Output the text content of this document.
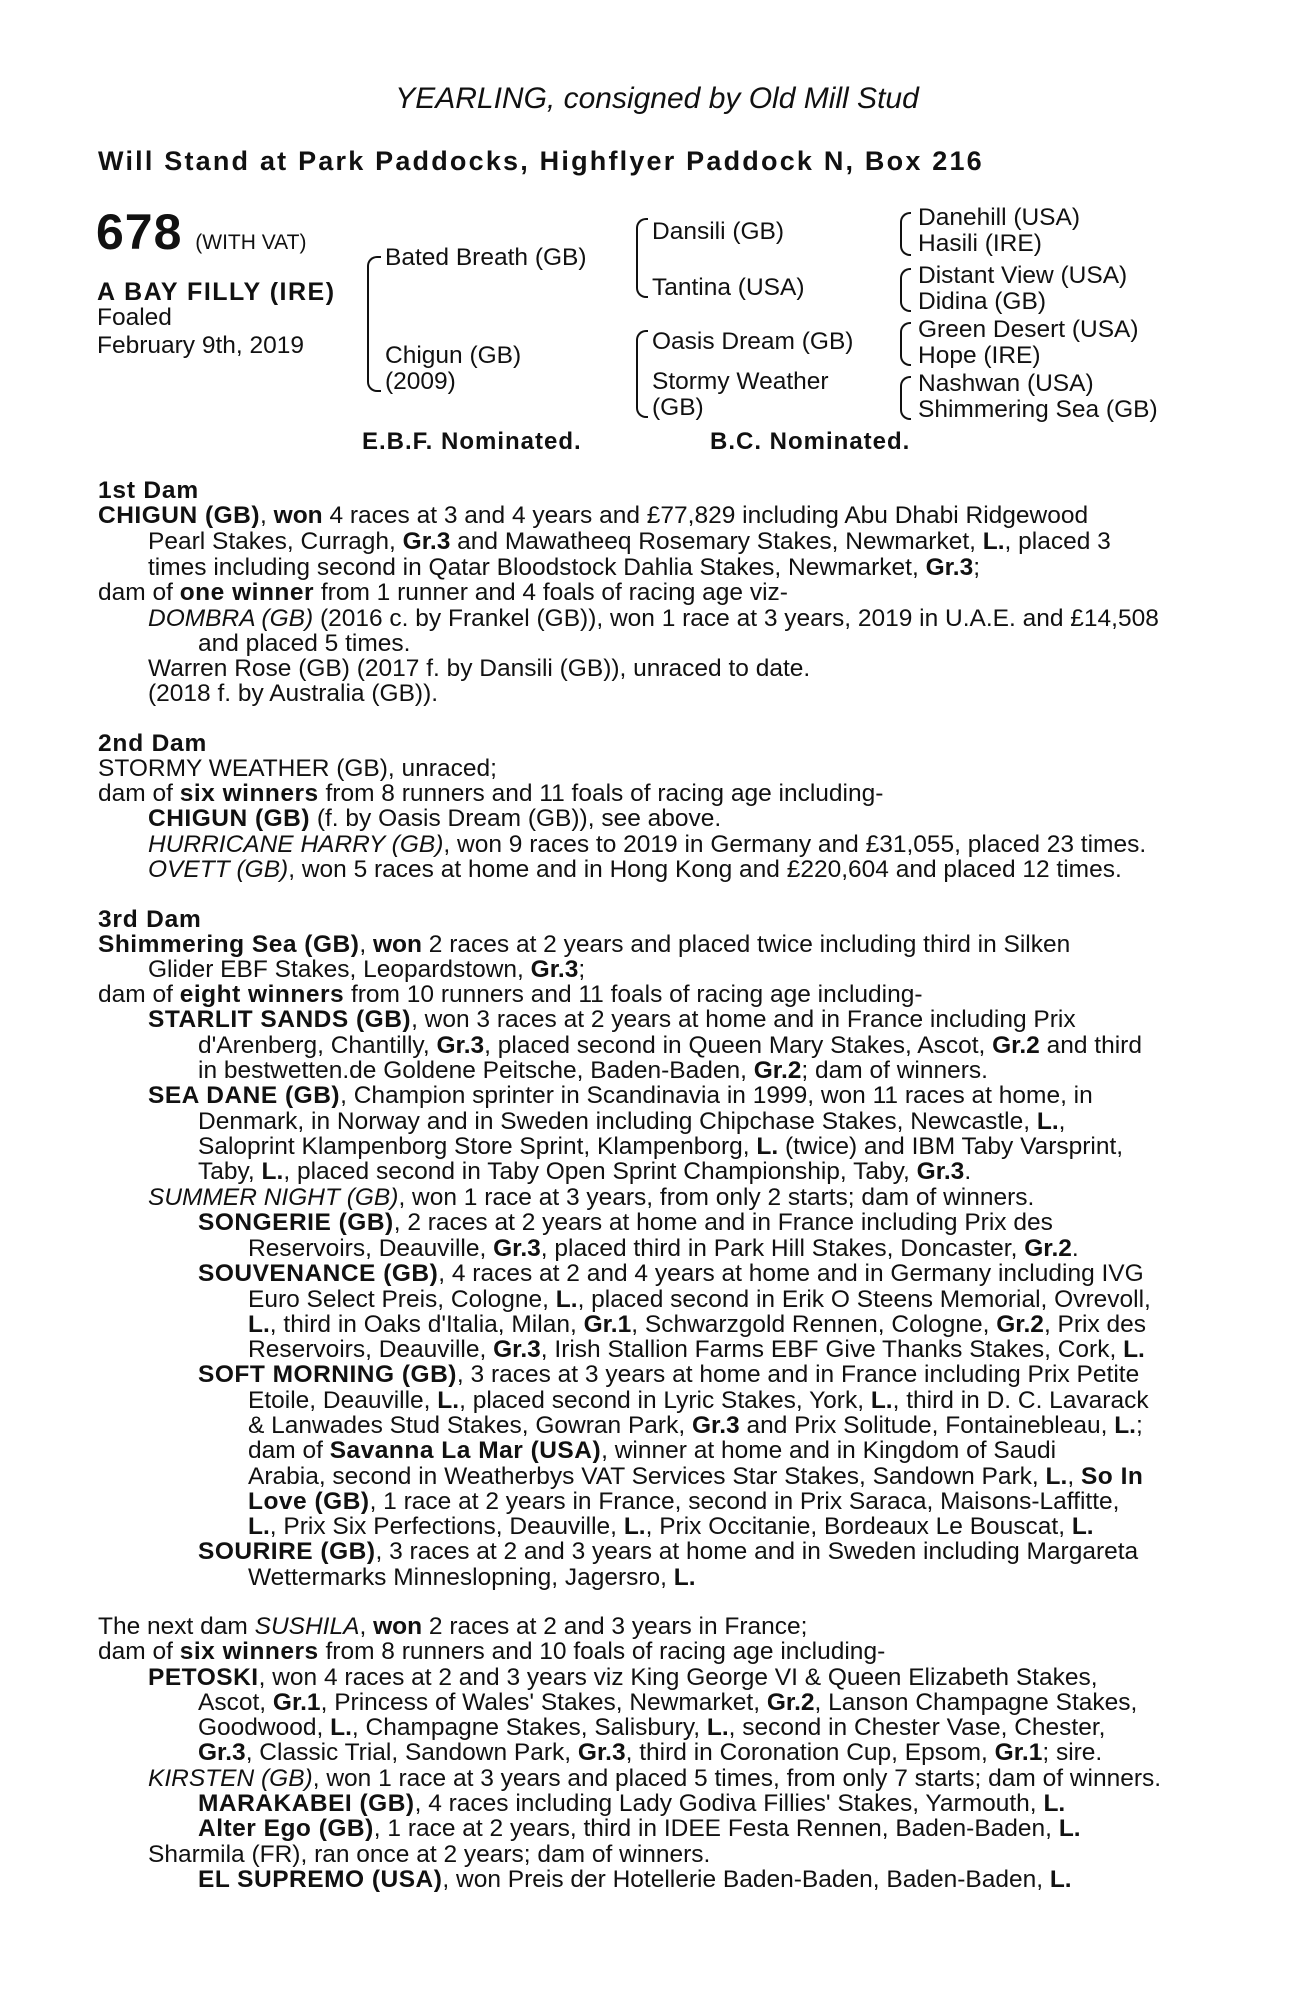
YEARLING, consigned by Old Mill Stud
Will Stand at Park Paddocks, Highflyer Paddock N, Box 216
678 (WITH VAT)
A BAY FILLY (IRE)
Foaled
February 9th, 2019
Bated Breath (GB)
Chigun (GB)
(2009)
Dansili (GB)
Tantina (USA)
Oasis Dream (GB)
Stormy Weather
(GB)
Danehill (USA)
Hasili (IRE)
Distant View (USA)
Didina (GB)
Green Desert (USA)
Hope (IRE)
Nashwan (USA)
Shimmering Sea (GB)
E.B.F. Nominated.	B.C. Nominated.
1st Dam
CHIGUN (GB), won 4 races at 3 and 4 years and £77,829 including Abu Dhabi Ridgewood
Pearl Stakes, Curragh, Gr.3 and Mawatheeq Rosemary Stakes, Newmarket, L., placed 3
times including second in Qatar Bloodstock Dahlia Stakes, Newmarket, Gr.3;
dam of one winner from 1 runner and 4 foals of racing age viz-
DOMBRA (GB) (2016 c. by Frankel (GB)), won 1 race at 3 years, 2019 in U.A.E. and £14,508
and placed 5 times.
Warren Rose (GB) (2017 f. by Dansili (GB)), unraced to date.
(2018 f. by Australia (GB)).
2nd Dam
STORMY WEATHER (GB), unraced;
dam of six winners from 8 runners and 11 foals of racing age including-
CHIGUN (GB) (f. by Oasis Dream (GB)), see above.
HURRICANE HARRY (GB), won 9 races to 2019 in Germany and £31,055, placed 23 times.
OVETT (GB), won 5 races at home and in Hong Kong and £220,604 and placed 12 times.
3rd Dam
Shimmering Sea (GB), won 2 races at 2 years and placed twice including third in Silken
Glider EBF Stakes, Leopardstown, Gr.3;
dam of eight winners from 10 runners and 11 foals of racing age including-
STARLIT SANDS (GB), won 3 races at 2 years at home and in France including Prix
d'Arenberg, Chantilly, Gr.3, placed second in Queen Mary Stakes, Ascot, Gr.2 and third
in bestwetten.de Goldene Peitsche, Baden-Baden, Gr.2; dam of winners.
SEA DANE (GB), Champion sprinter in Scandinavia in 1999, won 11 races at home, in
Denmark, in Norway and in Sweden including Chipchase Stakes, Newcastle, L.,
Saloprint Klampenborg Store Sprint, Klampenborg, L. (twice) and IBM Taby Varsprint,
Taby, L., placed second in Taby Open Sprint Championship, Taby, Gr.3.
SUMMER NIGHT (GB), won 1 race at 3 years, from only 2 starts; dam of winners.
SONGERIE (GB), 2 races at 2 years at home and in France including Prix des
Reservoirs, Deauville, Gr.3, placed third in Park Hill Stakes, Doncaster, Gr.2.
SOUVENANCE (GB), 4 races at 2 and 4 years at home and in Germany including IVG
Euro Select Preis, Cologne, L., placed second in Erik O Steens Memorial, Ovrevoll,
L., third in Oaks d'Italia, Milan, Gr.1, Schwarzgold Rennen, Cologne, Gr.2, Prix des
Reservoirs, Deauville, Gr.3, Irish Stallion Farms EBF Give Thanks Stakes, Cork, L.
SOFT MORNING (GB), 3 races at 3 years at home and in France including Prix Petite
Etoile, Deauville, L., placed second in Lyric Stakes, York, L., third in D. C. Lavarack
& Lanwades Stud Stakes, Gowran Park, Gr.3 and Prix Solitude, Fontainebleau, L.;
dam of Savanna La Mar (USA), winner at home and in Kingdom of Saudi
Arabia, second in Weatherbys VAT Services Star Stakes, Sandown Park, L., So In
Love (GB), 1 race at 2 years in France, second in Prix Saraca, Maisons-Laffitte,
L., Prix Six Perfections, Deauville, L., Prix Occitanie, Bordeaux Le Bouscat, L.
SOURIRE (GB), 3 races at 2 and 3 years at home and in Sweden including Margareta
Wettermarks Minneslopning, Jagersro, L.
The next dam SUSHILA, won 2 races at 2 and 3 years in France;
dam of six winners from 8 runners and 10 foals of racing age including-
PETOSKI, won 4 races at 2 and 3 years viz King George VI & Queen Elizabeth Stakes,
Ascot, Gr.1, Princess of Wales' Stakes, Newmarket, Gr.2, Lanson Champagne Stakes,
Goodwood, L., Champagne Stakes, Salisbury, L., second in Chester Vase, Chester,
Gr.3, Classic Trial, Sandown Park, Gr.3, third in Coronation Cup, Epsom, Gr.1; sire.
KIRSTEN (GB), won 1 race at 3 years and placed 5 times, from only 7 starts; dam of winners.
MARAKABEI (GB), 4 races including Lady Godiva Fillies' Stakes, Yarmouth, L.
Alter Ego (GB), 1 race at 2 years, third in IDEE Festa Rennen, Baden-Baden, L.
Sharmila (FR), ran once at 2 years; dam of winners.
EL SUPREMO (USA), won Preis der Hotellerie Baden-Baden, Baden-Baden, L.
